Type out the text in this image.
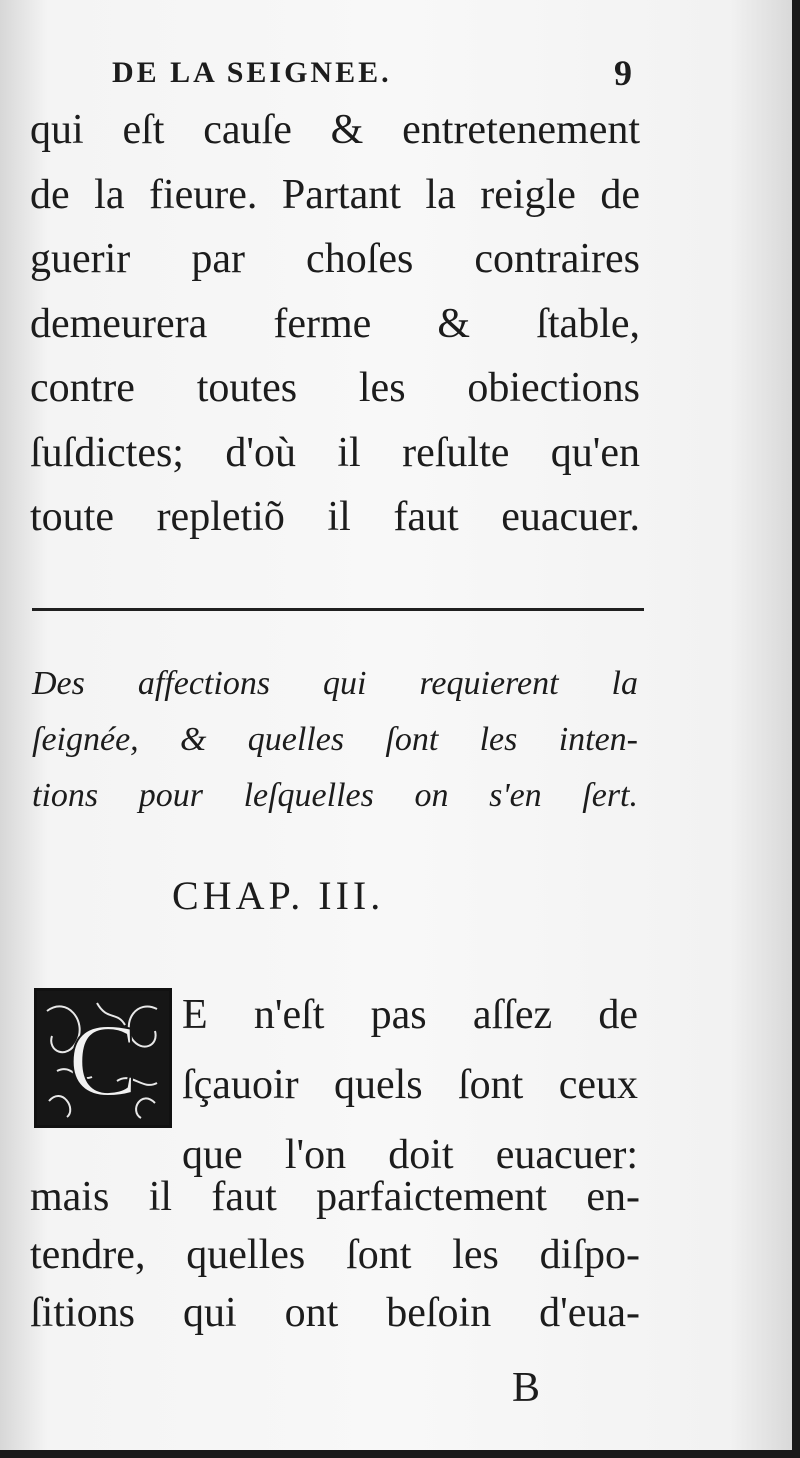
DE LA SEIGNEE.	9
qui eſt cauſe & entretenement
de la fieure. Partant la reigle de
guerir par choſes contraires
demeurera ferme & ſtable,
contre toutes les obiections
ſuſdictes; d'où il reſulte qu'en
toute repletiõ il faut euacuer.
Des affections qui requierent la
ſeignée, & quelles ſont les inten-
tions pour leſquelles on s'en ſert.
CHAP. III.
C E n'eſt pas aſſez de
ſçauoir quels ſont ceux
que l'on doit euacuer:
mais il faut parfaictement en-
tendre, quelles ſont les diſpo-
ſitions qui ont beſoin d'eua-
B
